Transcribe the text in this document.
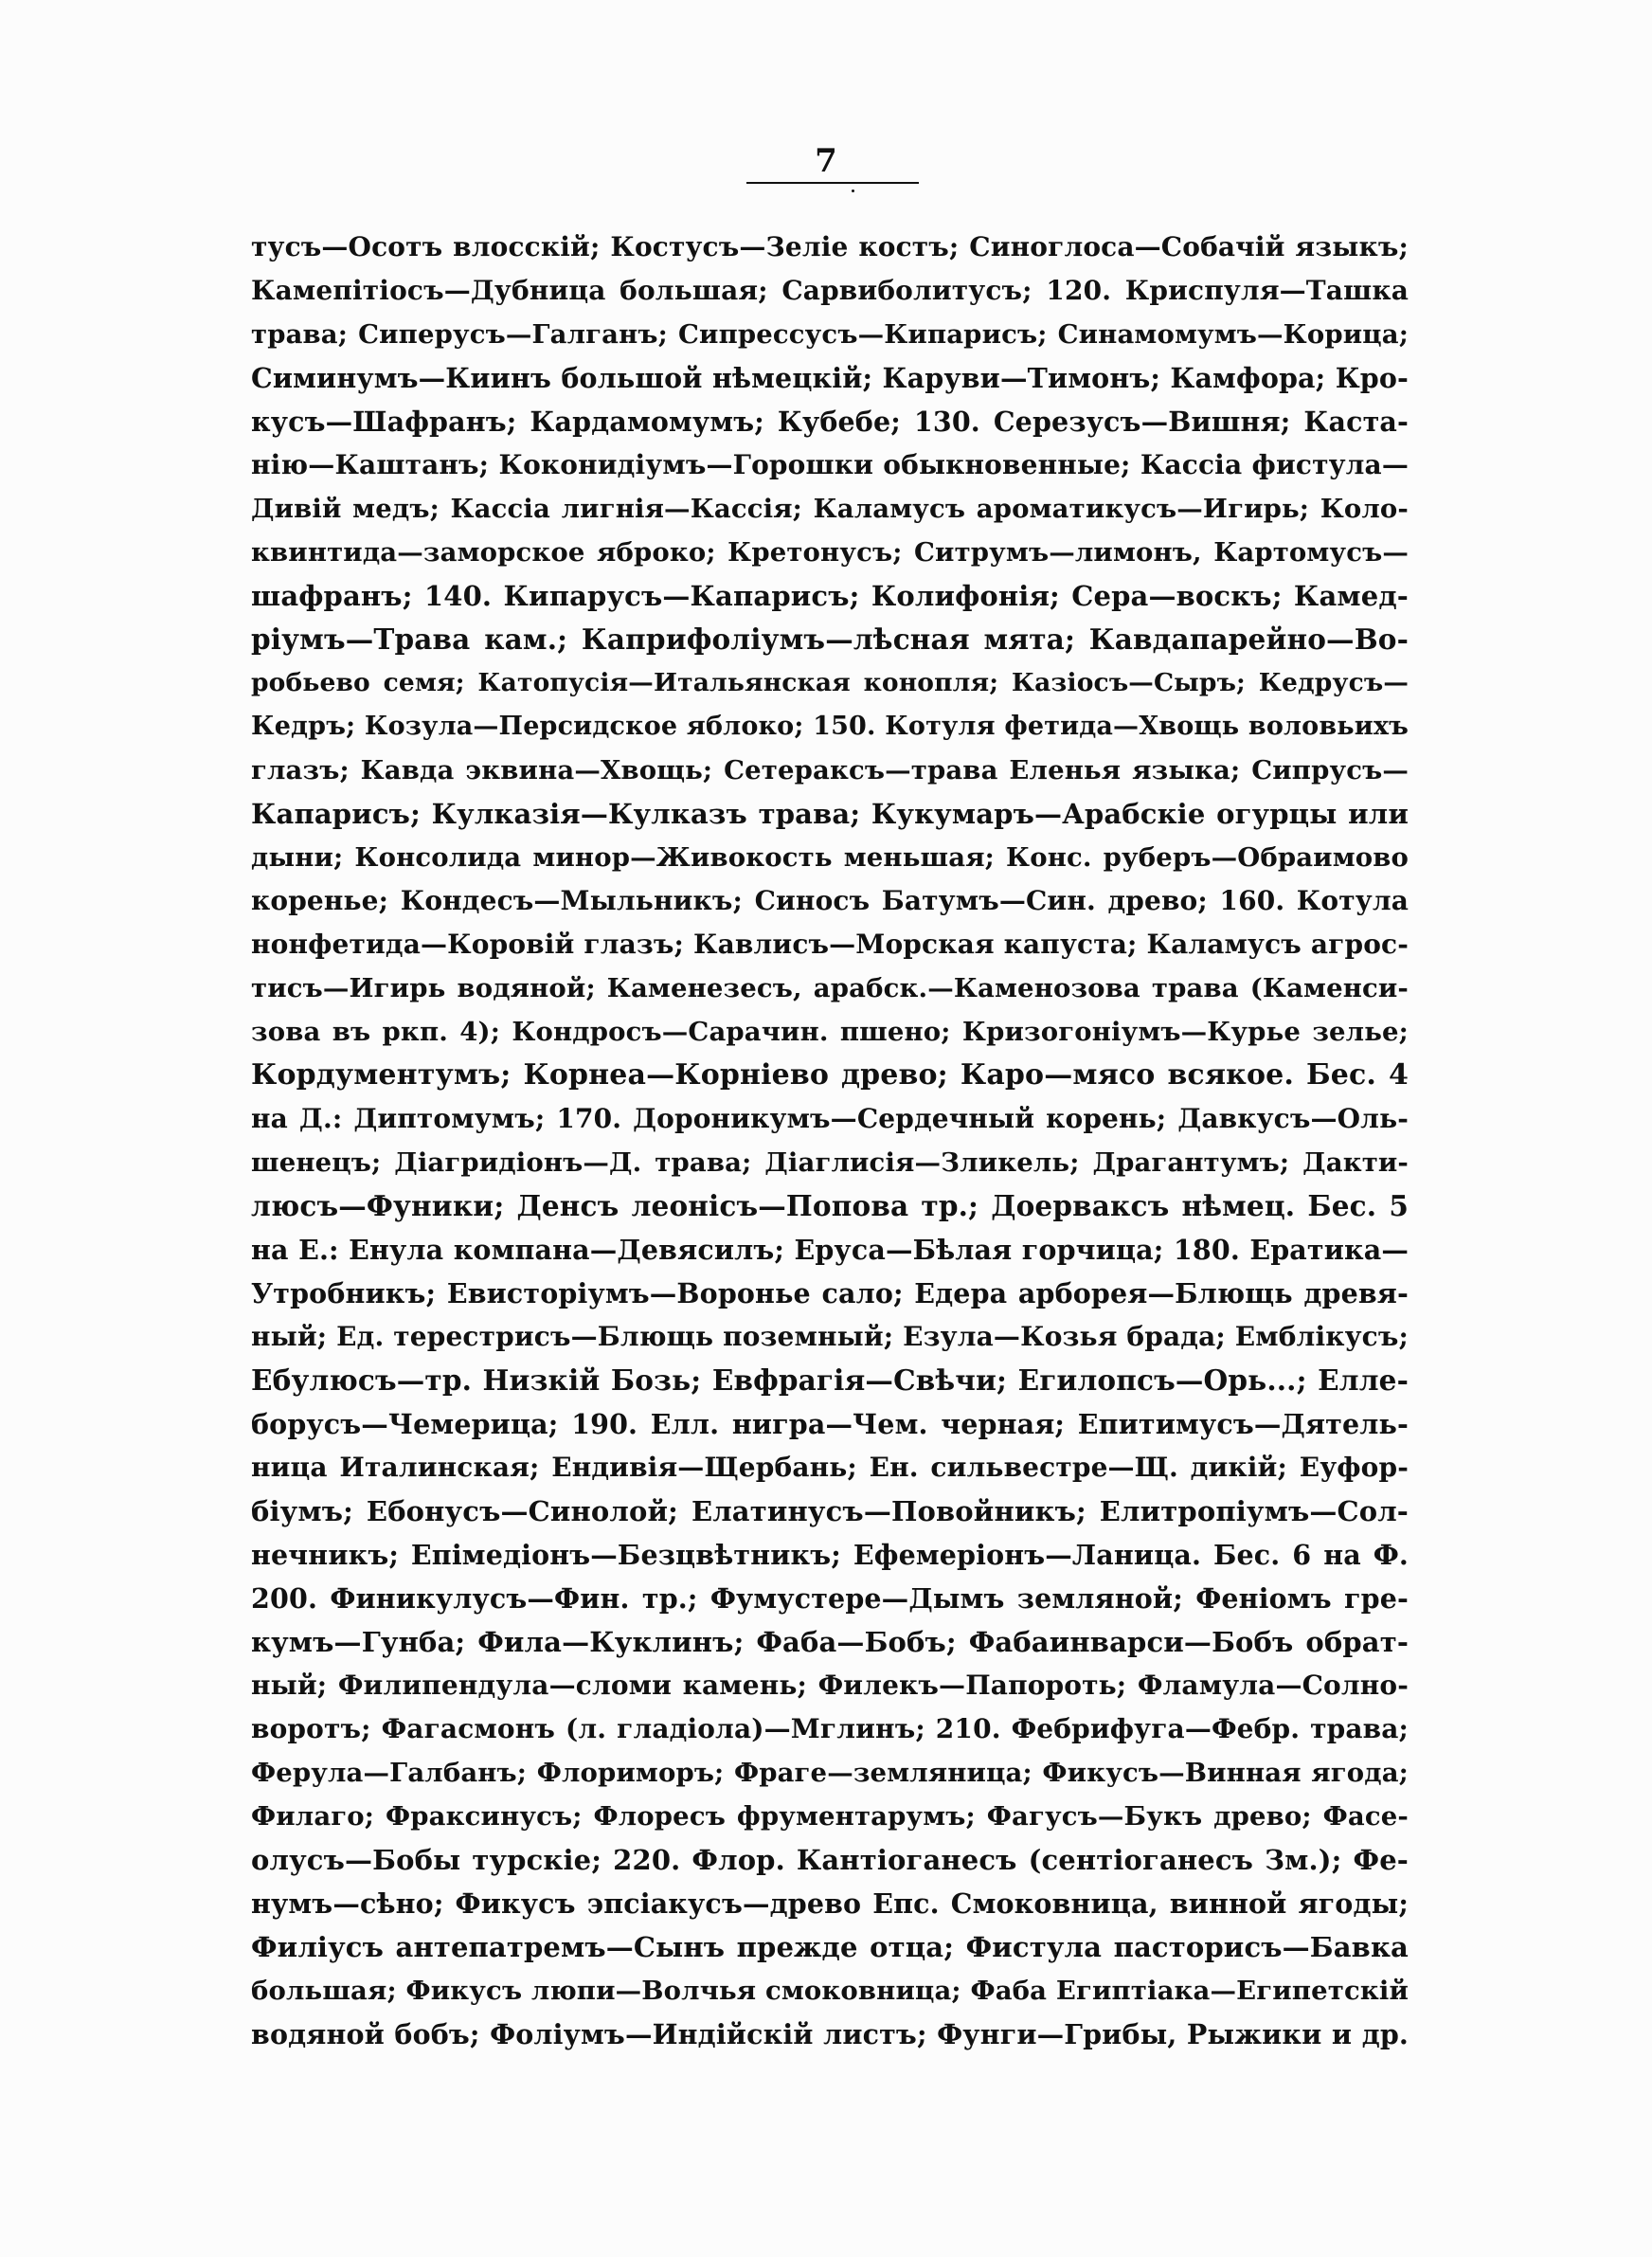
7
тусъ—Осотъ влосскій; Костусъ—Зеліе костъ; Синоглоса—Собачій языкъ;
Камепітіосъ—Дубница большая; Сарвиболитусъ; 120. Криспуля—Ташка
трава; Сиперусъ—Галганъ; Сипрессусъ—Кипарисъ; Синамомумъ—Корица;
Симинумъ—Киинъ большой нѣмецкій; Каруви—Тимонъ; Камфора; Кро-
кусъ—Шафранъ; Кардамомумъ; Кубебе; 130. Серезусъ—Вишня; Каста-
нію—Каштанъ; Коконидіумъ—Горошки обыкновенные; Кассіа фистула—
Дивій медъ; Кассіа лигнія—Кассія; Каламусъ ароматикусъ—Игирь; Коло-
квинтида—заморское яброко; Кретонусъ; Ситрумъ—лимонъ, Картомусъ—
шафранъ; 140. Кипарусъ—Капарисъ; Колифонія; Сера—воскъ; Камед-
ріумъ—Трава кам.; Каприфоліумъ—лѣсная мята; Кавдапарейно—Во-
робьево семя; Катопусія—Итальянская конопля; Казіосъ—Сыръ; Кедрусъ—
Кедръ; Козула—Персидское яблоко; 150. Котуля фетида—Хвощь воловьихъ
глазъ; Кавда эквина—Хвощь; Сетераксъ—трава Еленья языка; Сипрусъ—
Капарисъ; Кулказія—Кулказъ трава; Кукумаръ—Арабскіе огурцы или
дыни; Консолида минор—Живокость меньшая; Конс. руберъ—Обраимово
коренье; Кондесъ—Мыльникъ; Синосъ Батумъ—Син. древо; 160. Котула
нонфетида—Коровій глазъ; Кавлисъ—Морская капуста; Каламусъ агрос-
тисъ—Игирь водяной; Каменезесъ, арабск.—Каменозова трава (Каменси-
зова въ ркп. 4); Кондросъ—Сарачин. пшено; Кризогоніумъ—Курье зелье;
Кордументумъ; Корнеа—Корніево древо; Каро—мясо всякое. Бес. 4
на Д.: Диптомумъ; 170. Дороникумъ—Сердечный корень; Давкусъ—Оль-
шенецъ; Діагридіонъ—Д. трава; Діаглисія—Зликель; Драгантумъ; Дакти-
люсъ—Фуники; Денсъ леонісъ—Попова тр.; Доерваксъ нѣмец. Бес. 5
на Е.: Енула компана—Девясилъ; Еруса—Бѣлая горчица; 180. Ератика—
Утробникъ; Евисторіумъ—Воронье сало; Едера арборея—Блющь древя-
ный; Ед. терестрисъ—Блющь поземный; Езула—Козья брада; Емблікусъ;
Ебулюсъ—тр. Низкій Бозь; Евфрагія—Свѣчи; Егилопсъ—Орь...; Елле-
борусъ—Чемерица; 190. Елл. нигра—Чем. черная; Епитимусъ—Дятель-
ница Италинская; Ендивія—Щербань; Ен. сильвестре—Щ. дикій; Еуфор-
біумъ; Ебонусъ—Синолой; Елатинусъ—Повойникъ; Елитропіумъ—Сол-
нечникъ; Епімедіонъ—Безцвѣтникъ; Ефемеріонъ—Ланица. Бес. 6 на Ф.
200. Финикулусъ—Фин. тр.; Фумустере—Дымъ земляной; Феніомъ гре-
кумъ—Гунба; Фила—Куклинъ; Фаба—Бобъ; Фабаинварси—Бобъ обрат-
ный; Филипендула—сломи камень; Филекъ—Папороть; Фламула—Солно-
воротъ; Фагасмонъ (л. гладіола)—Мглинъ; 210. Фебрифуга—Фебр. трава;
Ферула—Галбанъ; Флориморъ; Фраге—земляница; Фикусъ—Винная ягода;
Филаго; Фраксинусъ; Флоресъ фрументарумъ; Фагусъ—Букъ древо; Фасе-
олусъ—Бобы турскіе; 220. Флор. Кантіоганесъ (сентіоганесъ Зм.); Фе-
нумъ—сѣно; Фикусъ эпсіакусъ—древо Епс. Смоковница, винной ягоды;
Филіусъ антепатремъ—Сынъ прежде отца; Фистула пасторисъ—Бавка
большая; Фикусъ люпи—Волчья смоковница; Фаба Египтіака—Египетскій
водяной бобъ; Фоліумъ—Индійскій листъ; Фунги—Грибы, Рыжики и др.
